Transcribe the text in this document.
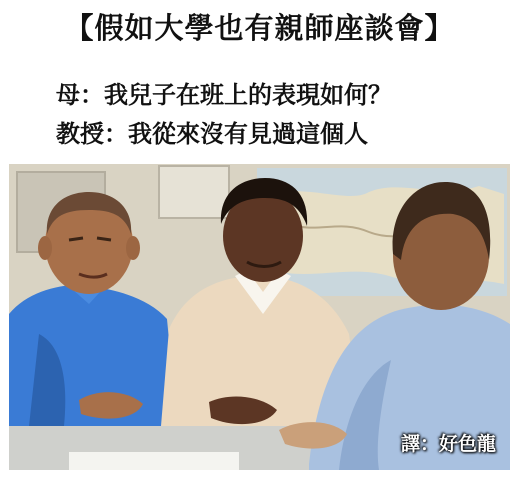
【假如大學也有親師座談會】
母：我兒子在班上的表現如何？
教授：我從來沒有見過這個人
譯：好色龍
